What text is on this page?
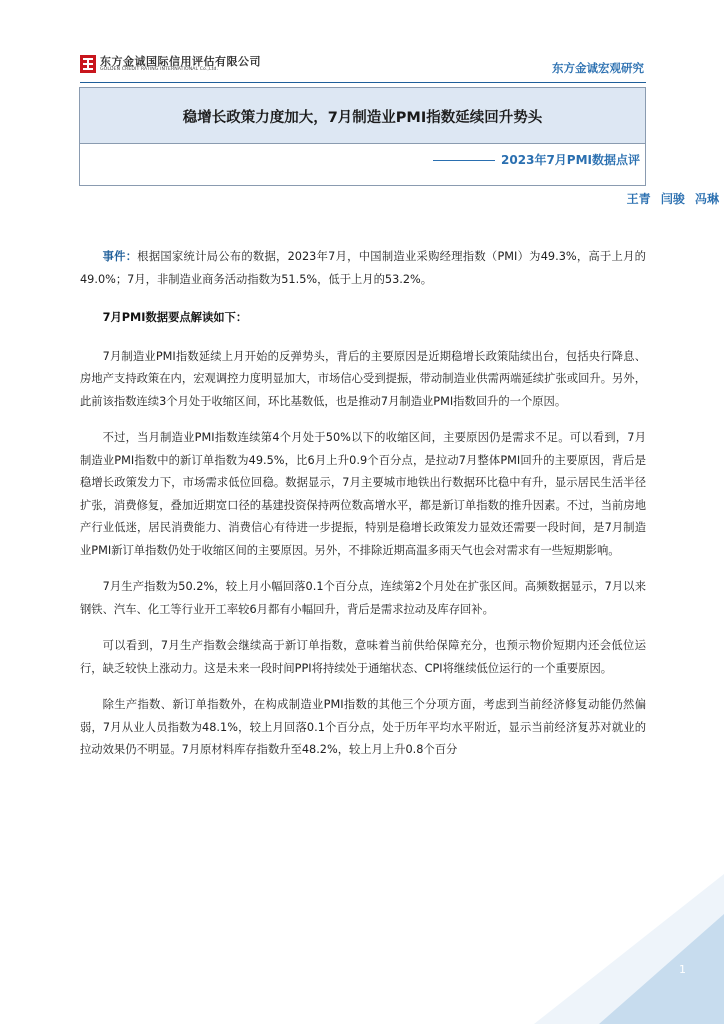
东方金诚国际信用评估有限公司
GOLDEN CREDIT RATING INTERNATIONAL Co.,Ltd.	东方金诚宏观研究
稳增长政策力度加大，7月制造业PMI指数延续回升势头
2023年7月PMI数据点评
王青 闫骏 冯琳

事件：根据国家统计局公布的数据，2023年7月，中国制造业采购经理指数（PMI）为49.3%，高于上月的49.0%；7月，非制造业商务活动指数为51.5%，低于上月的53.2%。

7月PMI数据要点解读如下：

7月制造业PMI指数延续上月开始的反弹势头，背后的主要原因是近期稳增长政策陆续出台，包括央行降息、房地产支持政策在内，宏观调控力度明显加大，市场信心受到提振，带动制造业供需两端延续扩张或回升。另外，此前该指数连续3个月处于收缩区间，环比基数低，也是推动7月制造业PMI指数回升的一个原因。

不过，当月制造业PMI指数连续第4个月处于50%以下的收缩区间，主要原因仍是需求不足。可以看到，7月制造业PMI指数中的新订单指数为49.5%，比6月上升0.9个百分点，是拉动7月整体PMI回升的主要原因，背后是稳增长政策发力下，市场需求低位回稳。数据显示，7月主要城市地铁出行数据环比稳中有升，显示居民生活半径扩张，消费修复，叠加近期宽口径的基建投资保持两位数高增水平，都是新订单指数的推升因素。不过，当前房地产行业低迷，居民消费能力、消费信心有待进一步提振，特别是稳增长政策发力显效还需要一段时间，是7月制造业PMI新订单指数仍处于收缩区间的主要原因。另外，不排除近期高温多雨天气也会对需求有一些短期影响。

7月生产指数为50.2%，较上月小幅回落0.1个百分点，连续第2个月处在扩张区间。高频数据显示，7月以来钢铁、汽车、化工等行业开工率较6月都有小幅回升，背后是需求拉动及库存回补。

可以看到，7月生产指数会继续高于新订单指数，意味着当前供给保障充分，也预示物价短期内还会低位运行，缺乏较快上涨动力。这是未来一段时间PPI将持续处于通缩状态、CPI将继续低位运行的一个重要原因。

除生产指数、新订单指数外，在构成制造业PMI指数的其他三个分项方面，考虑到当前经济修复动能仍然偏弱，7月从业人员指数为48.1%，较上月回落0.1个百分点，处于历年平均水平附近，显示当前经济复苏对就业的拉动效果仍不明显。7月原材料库存指数升至48.2%，较上月上升0.8个百分

1
